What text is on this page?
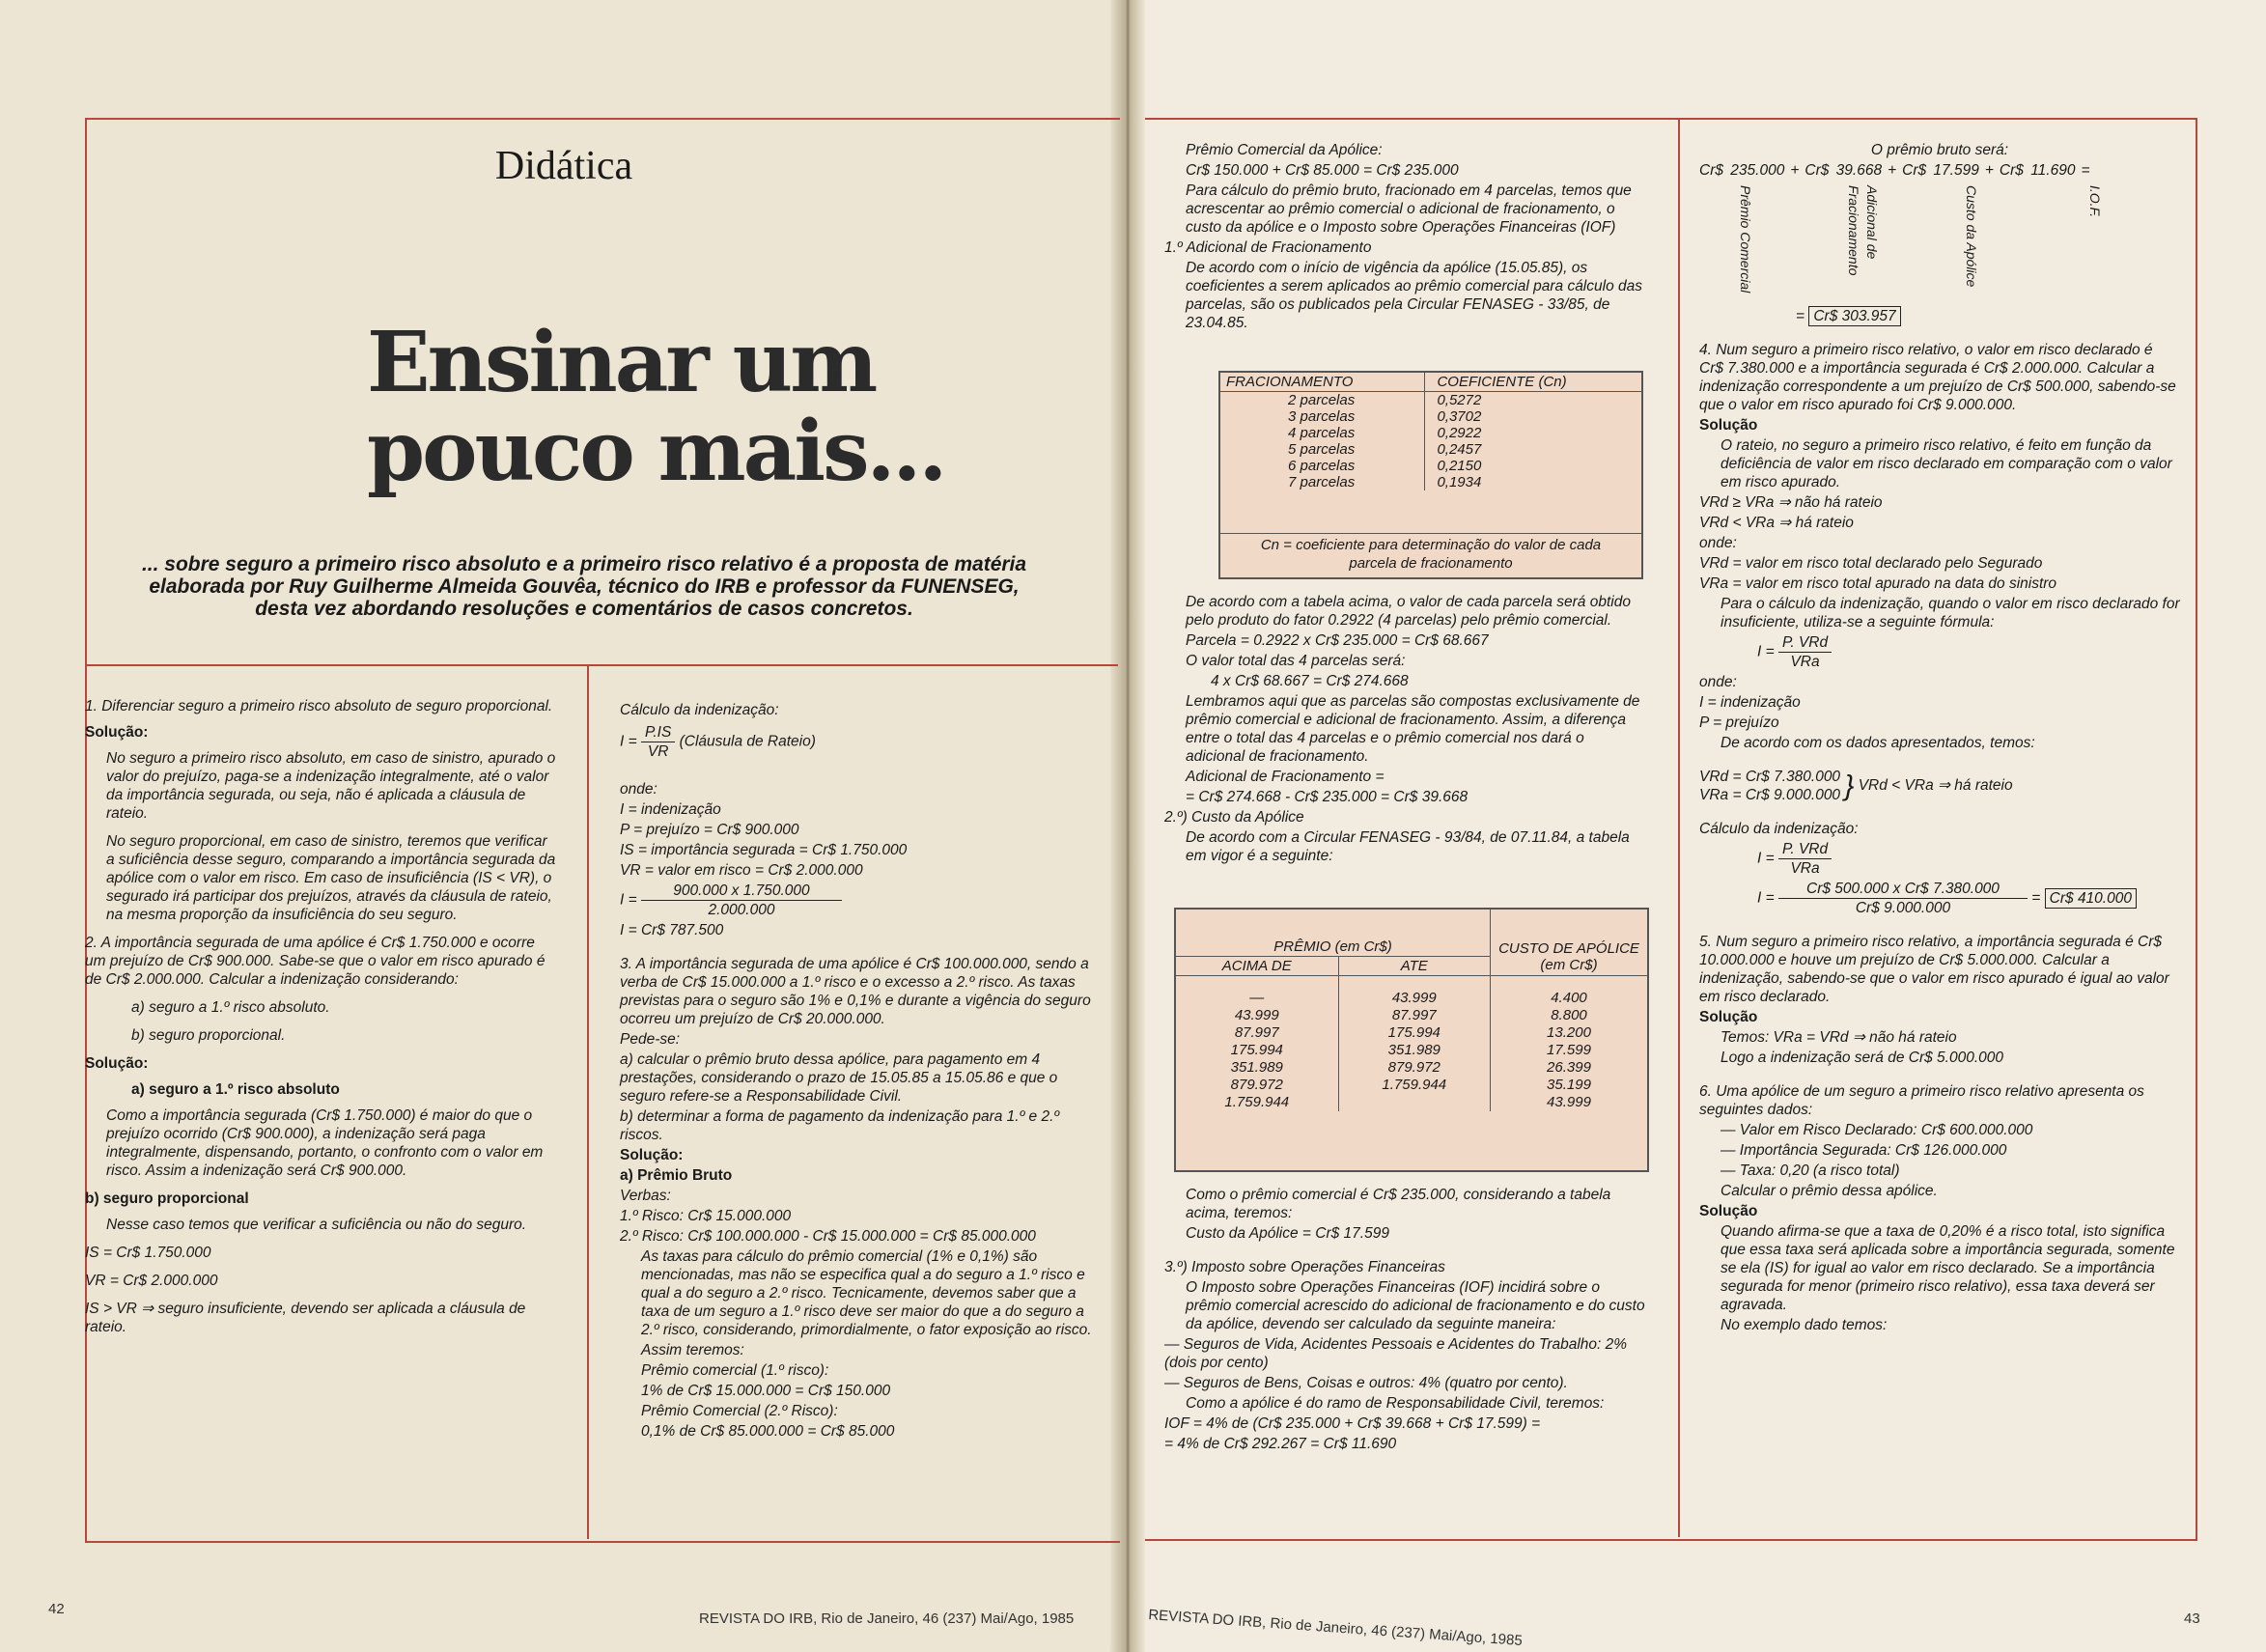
Didática
Ensinar um
pouco mais...
... sobre seguro a primeiro risco absoluto e a primeiro risco relativo é a proposta de matéria elaborada por Ruy Guilherme Almeida Gouvêa, técnico do IRB e professor da FUNENSEG, desta vez abordando resoluções e comentários de casos concretos.

1. Diferenciar seguro a primeiro risco absoluto de seguro proporcional.

Solução:

No seguro a primeiro risco absoluto, em caso de sinistro, apurado o valor do prejuízo, paga-se a indenização integralmente, até o valor da importância segurada, ou seja, não é aplicada a cláusula de rateio.

No seguro proporcional, em caso de sinistro, teremos que verificar a suficiência desse seguro, comparando a importância segurada da apólice com o valor em risco. Em caso de insuficiência (IS < VR), o segurado irá participar dos prejuízos, através da cláusula de rateio, na mesma proporção da insuficiência do seu seguro.

2. A importância segurada de uma apólice é Cr$ 1.750.000 e ocorre um prejuízo de Cr$ 900.000. Sabe-se que o valor em risco apurado é de Cr$ 2.000.000. Calcular a indenização considerando:

a) seguro a 1.º risco absoluto.

b) seguro proporcional.

Solução:

a) seguro a 1.º risco absoluto

Como a importância segurada (Cr$ 1.750.000) é maior do que o prejuízo ocorrido (Cr$ 900.000), a indenização será paga integralmente, dispensando, portanto, o confronto com o valor em risco. Assim a indenização será Cr$ 900.000.

b) seguro proporcional

Nesse caso temos que verificar a suficiência ou não do seguro.

IS = Cr$ 1.750.000

VR = Cr$ 2.000.000

IS > VR ⇒ seguro insuficiente, devendo ser aplicada a cláusula de rateio.

Cálculo da indenização:

$I = \frac{P.IS}{VR}$ (Cláusula de Rateio)

onde:

I = indenização

P = prejuízo = Cr$ 900.000

IS = importância segurada = Cr$ 1.750.000

VR = valor em risco = Cr$ 2.000.000

$I = \frac{900.000 x 1.750.000}{2.000.000}$

I = Cr$ 787.500

3. A importância segurada de uma apólice é Cr$ 100.000.000, sendo a verba de Cr$ 15.000.000 a 1.º risco e o excesso a 2.º risco. As taxas previstas para o seguro são 1% e 0,1% e durante a vigência do seguro ocorreu um prejuízo de Cr$ 20.000.000.

Pede-se:

a) calcular o prêmio bruto dessa apólice, para pagamento em 4 prestações, considerando o prazo de 15.05.85 a 15.05.86 e que o seguro refere-se a Responsabilidade Civil.

b) determinar a forma de pagamento da indenização para 1.º e 2.º riscos.

Solução:

a) Prêmio Bruto

Verbas:

1.º Risco: Cr$ 15.000.000

2.º Risco: Cr$ 100.000.000 - Cr$ 15.000.000 = Cr$ 85.000.000

As taxas para cálculo do prêmio comercial (1% e 0,1%) são mencionadas, mas não se especifica qual a do seguro a 1.º risco e qual a do seguro a 2.º risco. Tecnicamente, devemos saber que a taxa de um seguro a 1.º risco deve ser maior do que a do seguro a 2.º risco, considerando, primordialmente, o fator exposição ao risco.

Assim teremos:

Prêmio comercial (1.º risco):

1% de Cr$ 15.000.000 = Cr$ 150.000

Prêmio Comercial (2.º Risco):

0,1% de Cr$ 85.000.000 = Cr$ 85.000

42
REVISTA DO IRB, Rio de Janeiro, 46 (237) Mai/Ago, 1985

Prêmio Comercial da Apólice:

Cr$ 150.000 + Cr$ 85.000 = Cr$ 235.000

Para cálculo do prêmio bruto, fracionado em 4 parcelas, temos que acrescentar ao prêmio comercial o adicional de fracionamento, o custo da apólice e o Imposto sobre Operações Financeiras (IOF)

1.º Adicional de Fracionamento

De acordo com o início de vigência da apólice (15.05.85), os coeficientes a serem aplicados ao prêmio comercial para cálculo das parcelas, são os publicados pela Circular FENASEG - 33/85, de 23.04.85.

FRACIONAMENTO	COEFICIENTE (Cn)
2 parcelas	0,5272
3 parcelas	0,3702
4 parcelas	0,2922
5 parcelas	0,2457
6 parcelas	0,2150
7 parcelas	0,1934
Cn = coeficiente para determinação do valor de cada parcela de fracionamento

De acordo com a tabela acima, o valor de cada parcela será obtido pelo produto do fator 0.2922 (4 parcelas) pelo prêmio comercial.

Parcela = 0.2922 x Cr$ 235.000 = Cr$ 68.667

O valor total das 4 parcelas será:

4 x Cr$ 68.667 = Cr$ 274.668

Lembramos aqui que as parcelas são compostas exclusivamente de prêmio comercial e adicional de fracionamento. Assim, a diferença entre o total das 4 parcelas e o prêmio comercial nos dará o adicional de fracionamento.

Adicional de Fracionamento =

= Cr$ 274.668 - Cr$ 235.000 = Cr$ 39.668

2.º) Custo da Apólice

De acordo com a Circular FENASEG - 93/84, de 07.11.84, a tabela em vigor é a seguinte:

PRÊMIO (em Cr$)		CUSTO DE APÓLICE (em Cr$)
ACIMA DE	ATE	
—	43.999	4.400
43.999	87.997	8.800
87.997	175.994	13.200
175.994	351.989	17.599
351.989	879.972	26.399
879.972	1.759.944	35.199
1.759.944		43.999

Como o prêmio comercial é Cr$ 235.000, considerando a tabela acima, teremos:

Custo da Apólice = Cr$ 17.599

3.º) Imposto sobre Operações Financeiras

O Imposto sobre Operações Financeiras (IOF) incidirá sobre o prêmio comercial acrescido do adicional de fracionamento e do custo da apólice, devendo ser calculado da seguinte maneira:

— Seguros de Vida, Acidentes Pessoais e Acidentes do Trabalho: 2% (dois por cento)

— Seguros de Bens, Coisas e outros: 4% (quatro por cento).

Como a apólice é do ramo de Responsabilidade Civil, teremos:

IOF = 4% de (Cr$ 235.000 + Cr$ 39.668 + Cr$ 17.599) =

= 4% de Cr$ 292.267 = Cr$ 11.690

O prêmio bruto será:

Cr$ 235.000 + Cr$ 39.668 + Cr$ 17.599 + Cr$ 11.690 =

Prêmio Comercial	Adicional de Fracionamento	Custo da Apólice	I.O.F.

= Cr$ 303.957

4. Num seguro a primeiro risco relativo, o valor em risco declarado é Cr$ 7.380.000 e a importância segurada é Cr$ 2.000.000. Calcular a indenização correspondente a um prejuízo de Cr$ 500.000, sabendo-se que o valor em risco apurado foi Cr$ 9.000.000.

Solução

O rateio, no seguro a primeiro risco relativo, é feito em função da deficiência de valor em risco declarado em comparação com o valor em risco apurado.

VRd ≥ VRa ⇒ não há rateio

VRd < VRa ⇒ há rateio

onde:

VRd = valor em risco total declarado pelo Segurado

VRa = valor em risco total apurado na data do sinistro

Para o cálculo da indenização, quando o valor em risco declarado for insuficiente, utiliza-se a seguinte fórmula:

$I = \frac{\text{P. VRd}}{\text{VRa}}$

onde:

I = indenização

P = prejuízo

De acordo com os dados apresentados, temos:

VRd = Cr$ 7.380.000
VRa = Cr$ 9.000.000 } VRd < VRa ⇒ há rateio

Cálculo da indenização:

$I = \frac{\text{P. VRd}}{\text{VRa}}$

$I = \frac{\text{Cr\$ 500.000 x Cr\$ 7.380.000}}{Cr\$ 9.000.000}$ = Cr$ 410.000

5. Num seguro a primeiro risco relativo, a importância segurada é Cr$ 10.000.000 e houve um prejuízo de Cr$ 5.000.000. Calcular a indenização, sabendo-se que o valor em risco apurado é igual ao valor em risco declarado.

Solução

Temos: VRa = VRd ⇒ não há rateio

Logo a indenização será de Cr$ 5.000.000

6. Uma apólice de um seguro a primeiro risco relativo apresenta os seguintes dados:

— Valor em Risco Declarado: Cr$ 600.000.000

— Importância Segurada: Cr$ 126.000.000

— Taxa: 0,20 (a risco total)

Calcular o prêmio dessa apólice.

Solução

Quando afirma-se que a taxa de 0,20% é a risco total, isto significa que essa taxa será aplicada sobre a importância segurada, somente se ela (IS) for igual ao valor em risco declarado. Se a importância segurada for menor (primeiro risco relativo), essa taxa deverá ser agravada.

No exemplo dado temos:

REVISTA DO IRB, Rio de Janeiro, 46 (237) Mai/Ago, 1985	43
